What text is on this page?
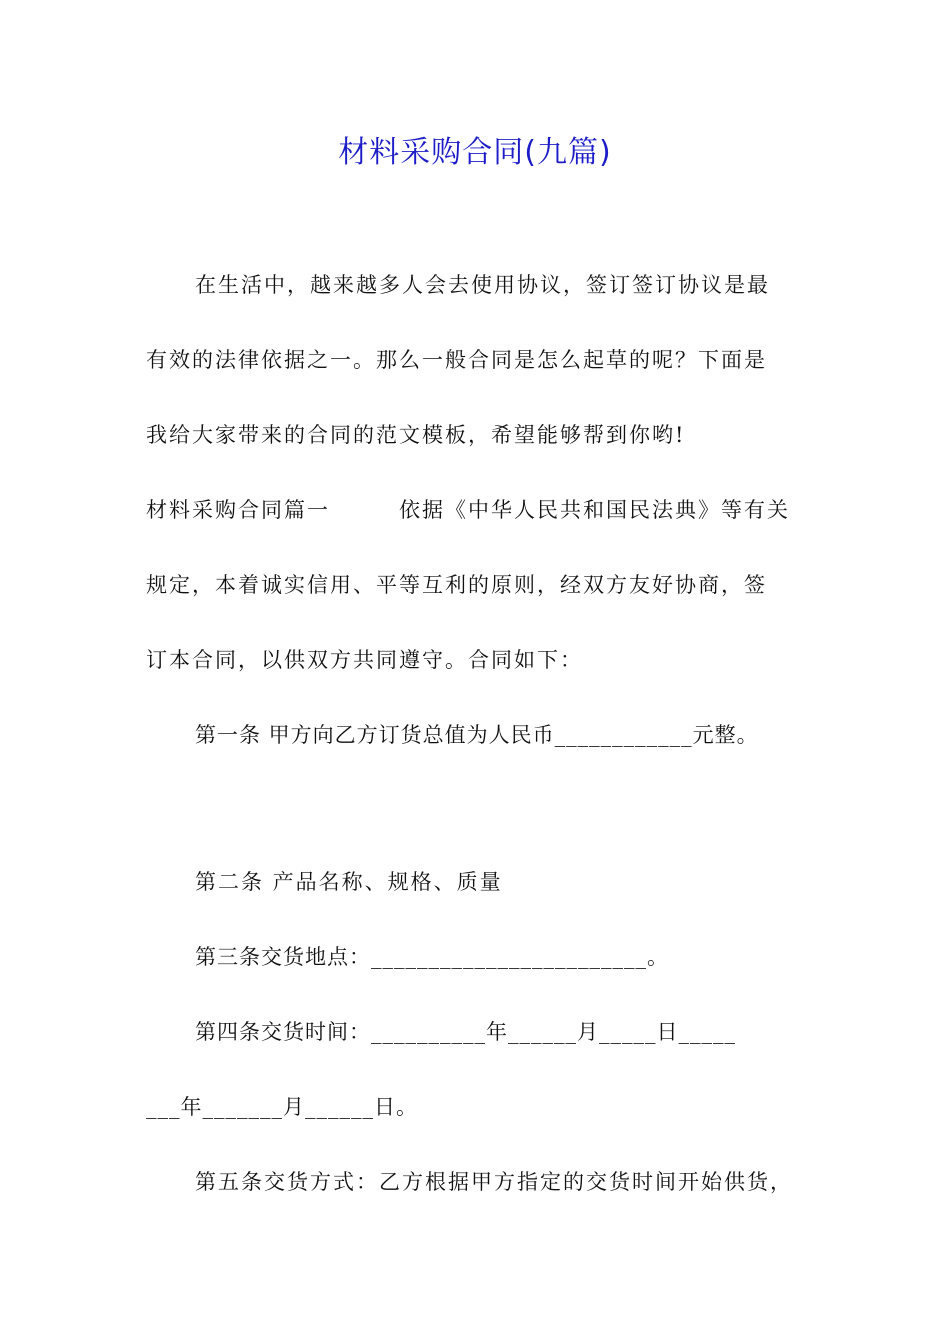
材料采购合同(九篇)
在生活中，越来越多人会去使用协议，签订签订协议是最
有效的法律依据之一。那么一般合同是怎么起草的呢？下面是
我给大家带来的合同的范文模板，希望能够帮到你哟!
材料采购合同篇一　　　依据《中华人民共和国民法典》等有关
规定，本着诚实信用、平等互利的原则，经双方友好协商，签
订本合同，以供双方共同遵守。合同如下：
第一条 甲方向乙方订货总值为人民币____________元整。
第二条 产品名称、规格、质量
第三条交货地点：________________________。
第四条交货时间：__________年______月_____日_____
___年_______月______日。
第五条交货方式：乙方根据甲方指定的交货时间开始供货，
